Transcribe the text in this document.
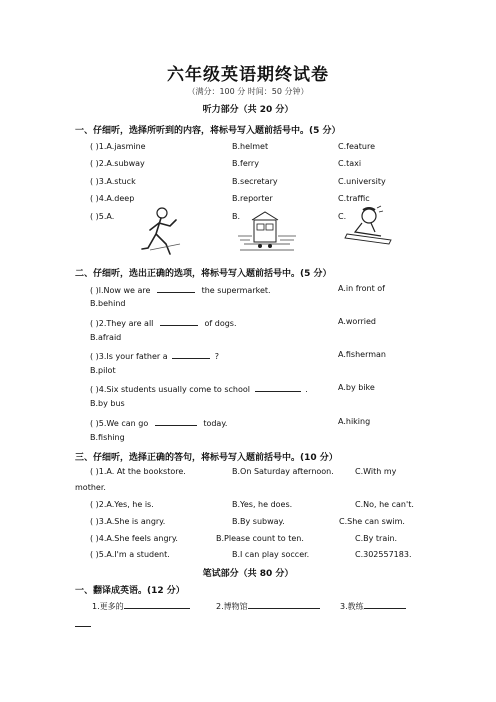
六年级英语期终试卷
（满分：100 分 时间：50 分钟）
听力部分（共 20 分）
一、仔细听，选择所听到的内容，将标号写入题前括号中。(5 分）
( )1.A.jasmine	B.helmet	C.feature
( )2.A.subway	B.ferry	C.taxi
( )3.A.stuck	B.secretary	C.university
( )4.A.deep	B.reporter	C.traffic
( )5.A.	B.	C.
二、仔细听，选出正确的选项，将标号写入题前括号中。(5 分）
( )l.Now we are	the supermarket.	A.in front of
B.behind
( )2.They are all	of dogs.	A.worried
B.afraid
( )3.Is your father a	?	A.fisherman
B.pilot
( )4.Six students usually come to school	.	A.by bike
B.by bus
( )5.We can go	today.	A.hiking
B.fishing
三、仔细听，选择正确的答句，将标号写入题前括号中。(10 分）
( )1.A. At the bookstore.	B.On Saturday afternoon.	C.With my
mother.
( )2.A.Yes, he is.	B.Yes, he does.	C.No, he can't.
( )3.A.She is angry.	B.By subway.	C.She can swim.
( )4.A.She feels angry.	B.Please count to ten.	C.By train.
( )5.A.I'm a student.	B.I can play soccer.	C.302557183.
笔试部分（共 80 分）
一、翻译成英语。(12 分）
1.更多的	2.博物馆	3.教练
